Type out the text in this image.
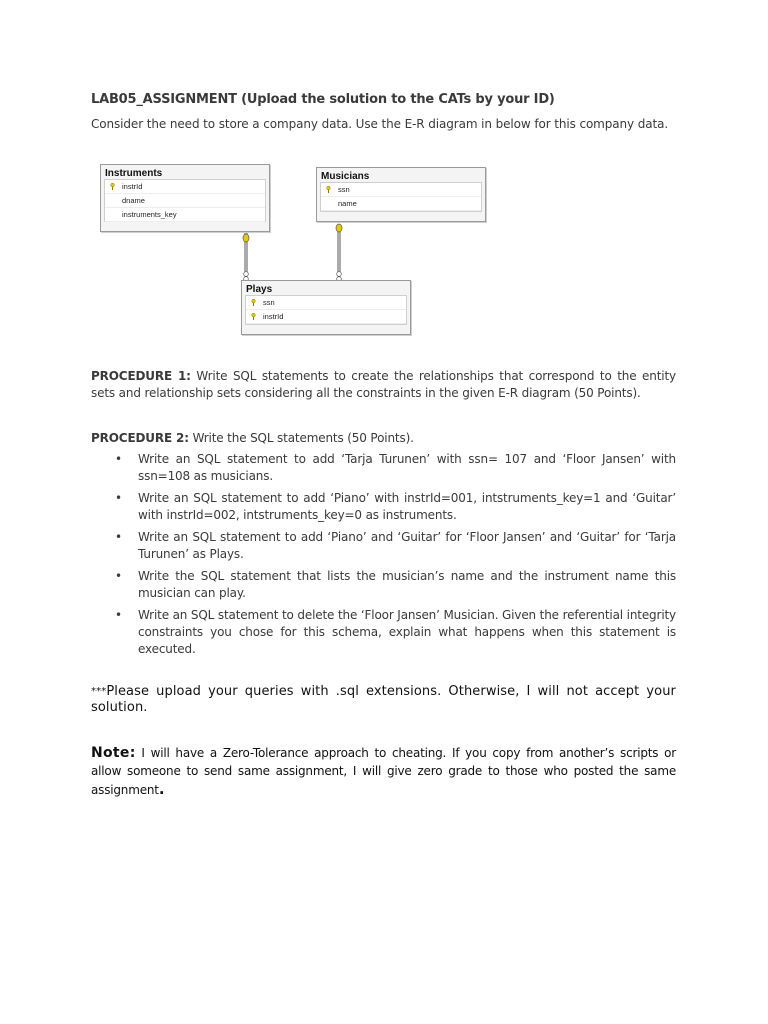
LAB05_ASSIGNMENT (Upload the solution to the CATs by your ID)
Consider the need to store a company data. Use the E-R diagram in below for this company data.
Instruments
instrId
dname
instruments_key
Musicians
ssn
name
Plays
ssn
instrId
PROCEDURE 1: Write SQL statements to create the relationships that correspond to the entity sets and relationship sets considering all the constraints in the given E-R diagram (50 Points).
PROCEDURE 2: Write the SQL statements (50 Points).
• Write an SQL statement to add ‘Tarja Turunen’ with ssn= 107 and ‘Floor Jansen’ with ssn=108 as musicians.
• Write an SQL statement to add ‘Piano’ with instrId=001, intstruments_key=1 and ‘Guitar’ with instrId=002, intstruments_key=0 as instruments.
• Write an SQL statement to add ‘Piano’ and ‘Guitar’ for ‘Floor Jansen’ and ‘Guitar’ for ‘Tarja Turunen’ as Plays.
• Write the SQL statement that lists the musician’s name and the instrument name this musician can play.
• Write an SQL statement to delete the ‘Floor Jansen’ Musician. Given the referential integrity constraints you chose for this schema, explain what happens when this statement is executed.
***Please upload your queries with .sql extensions. Otherwise, I will not accept your solution.
Note: I will have a Zero-Tolerance approach to cheating. If you copy from another’s scripts or allow someone to send same assignment, I will give zero grade to those who posted the same assignment.
